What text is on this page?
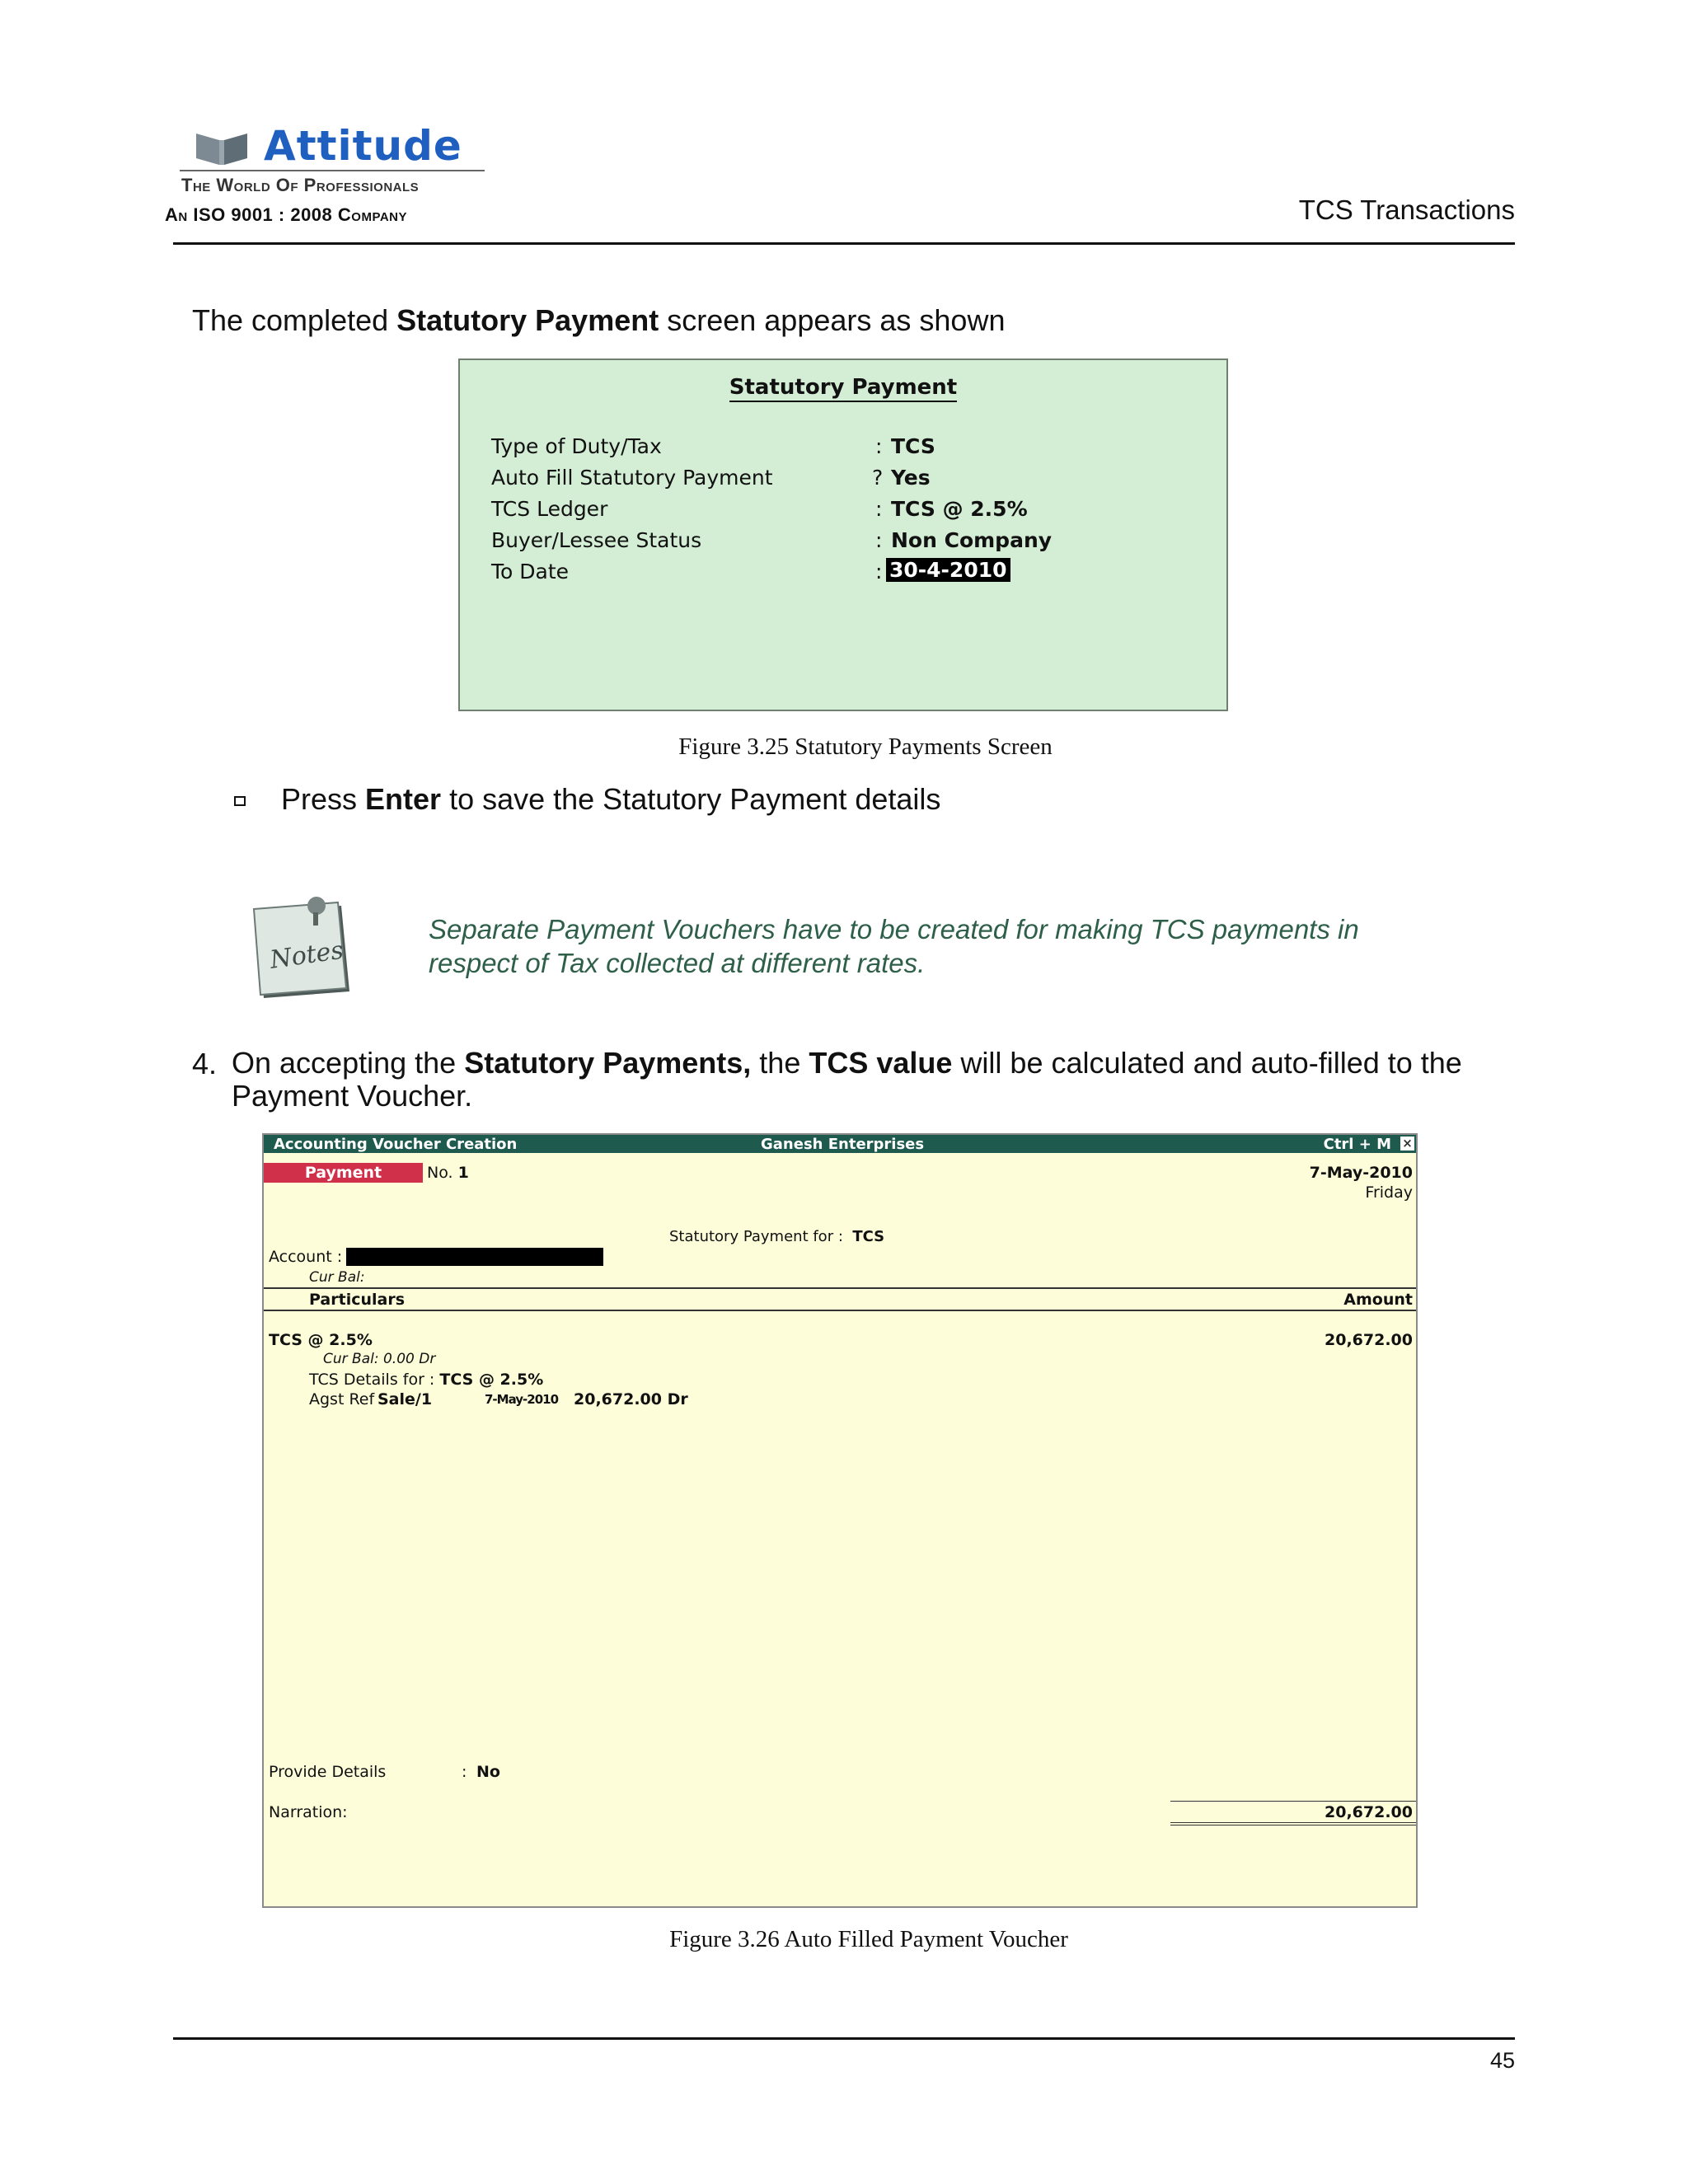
Attitude
The World Of Professionals
An ISO 9001 : 2008 Company	TCS Transactions
The completed Statutory Payment screen appears as shown
Statutory Payment
Type of Duty/Tax	: TCS
Auto Fill Statutory Payment	? Yes
TCS Ledger	: TCS @ 2.5%
Buyer/Lessee Status	: Non Company
To Date	: 30-4-2010
Figure 3.25 Statutory Payments Screen
Press Enter to save the Statutory Payment details
Notes
Separate Payment Vouchers have to be created for making TCS payments in
respect of Tax collected at different rates.
4. On accepting the Statutory Payments, the TCS value will be calculated and auto-filled to the
Payment Voucher.
Accounting Voucher Creation	Ganesh Enterprises	Ctrl + M ×
Payment	No. 1	7-May-2010
Friday
Statutory Payment for : TCS
Account :
Cur Bal:
Particulars	Amount
TCS @ 2.5%	20,672.00
Cur Bal: 0.00 Dr
TCS Details for : TCS @ 2.5%
Agst Ref Sale/1	7-May-2010 20,672.00 Dr
Provide Details	: No
Narration:	20,672.00
Figure 3.26 Auto Filled Payment Voucher
45
